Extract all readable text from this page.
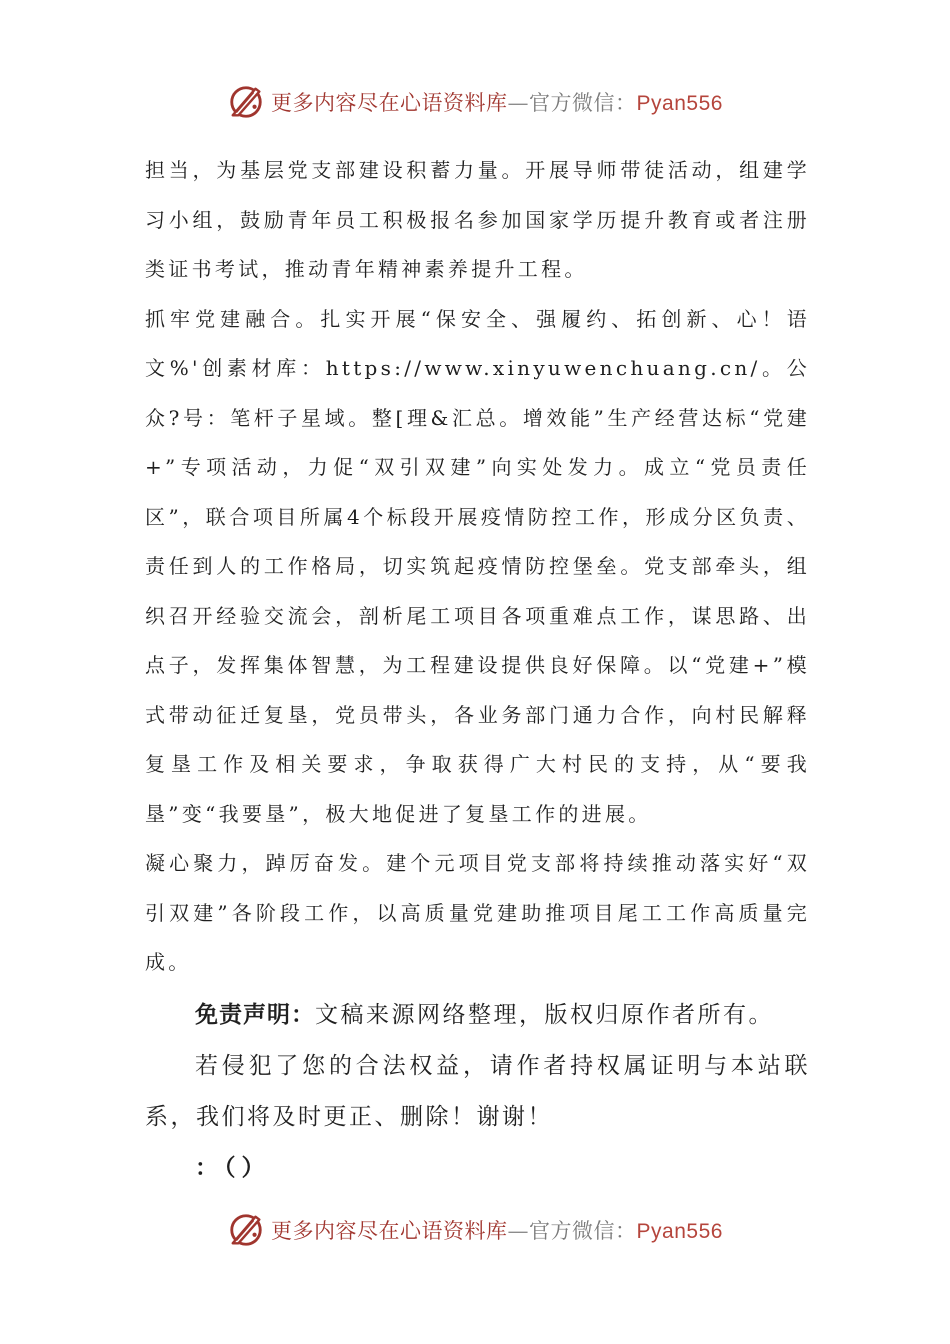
更多内容尽在心语资料库—官方微信：Pyan556

担当，为基层党支部建设积蓄力量。开展导师带徒活动，组建学习小组，鼓励青年员工积极报名参加国家学历提升教育或者注册类证书考试，推动青年精神素养提升工程。

抓牢党建融合。扎实开展“保安全、强履约、拓创新、心！语文%'创素材库：https://www.xinyuwenchuang.cn/。公众?号：笔杆子星域。整[理&汇总。增效能”生产经营达标“党建+”专项活动，力促“双引双建”向实处发力。成立“党员责任区”，联合项目所属4个标段开展疫情防控工作，形成分区负责、责任到人的工作格局，切实筑起疫情防控堡垒。党支部牵头，组织召开经验交流会，剖析尾工项目各项重难点工作，谋思路、出点子，发挥集体智慧，为工程建设提供良好保障。以“党建+”模式带动征迁复垦，党员带头，各业务部门通力合作，向村民解释复垦工作及相关要求，争取获得广大村民的支持，从“要我垦”变“我要垦”，极大地促进了复垦工作的进展。

凝心聚力，踔厉奋发。建个元项目党支部将持续推动落实好“双引双建”各阶段工作，以高质量党建助推项目尾工工作高质量完成。

免责声明：文稿来源网络整理，版权归原作者所有。

若侵犯了您的合法权益，请作者持权属证明与本站联系，我们将及时更正、删除！谢谢！

：（）

更多内容尽在心语资料库—官方微信：Pyan556
